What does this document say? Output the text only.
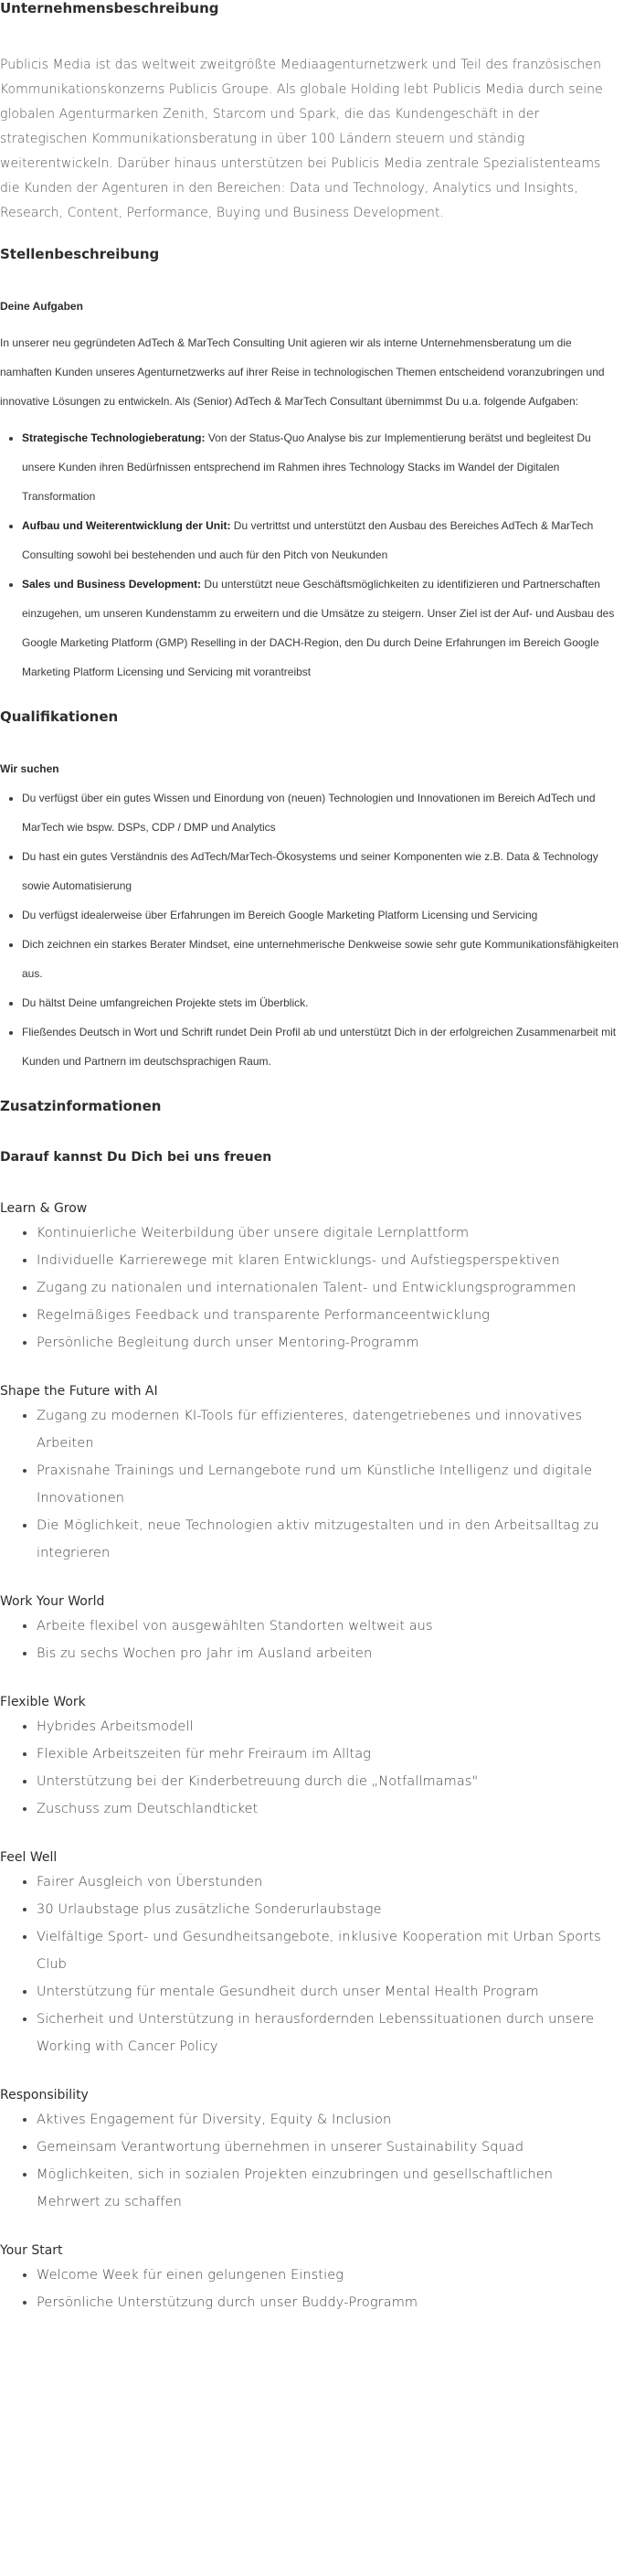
Unternehmensbeschreibung

Publicis Media ist das weltweit zweitgrößte Mediaagenturnetzwerk und Teil des französischen Kommunikationskonzerns Publicis Groupe. Als globale Holding lebt Publicis Media durch seine globalen Agenturmarken Zenith, Starcom und Spark, die das Kundengeschäft in der strategischen Kommunikationsberatung in über 100 Ländern steuern und ständig weiterentwickeln. Darüber hinaus unterstützen bei Publicis Media zentrale Spezialistenteams die Kunden der Agenturen in den Bereichen: Data und Technology, Analytics und Insights, Research, Content, Performance, Buying und Business Development.

Stellenbeschreibung
Deine Aufgaben

In unserer neu gegründeten AdTech & MarTech Consulting Unit agieren wir als interne Unternehmensberatung um die namhaften Kunden unseres Agenturnetzwerks auf ihrer Reise in technologischen Themen entscheidend voranzubringen und innovative Lösungen zu entwickeln. Als (Senior) AdTech & MarTech Consultant übernimmst Du u.a. folgende Aufgaben:

• Strategische Technologieberatung: Von der Status-Quo Analyse bis zur Implementierung berätst und begleitest Du unsere Kunden ihren Bedürfnissen entsprechend im Rahmen ihres Technology Stacks im Wandel der Digitalen Transformation
• Aufbau und Weiterentwicklung der Unit: Du vertrittst und unterstützt den Ausbau des Bereiches AdTech & MarTech Consulting sowohl bei bestehenden und auch für den Pitch von Neukunden
• Sales und Business Development: Du unterstützt neue Geschäftsmöglichkeiten zu identifizieren und Partnerschaften einzugehen, um unseren Kundenstamm zu erweitern und die Umsätze zu steigern. Unser Ziel ist der Auf- und Ausbau des Google Marketing Platform (GMP) Reselling in der DACH-Region, den Du durch Deine Erfahrungen im Bereich Google Marketing Platform Licensing und Servicing mit vorantreibst
Qualifikationen
Wir suchen
• Du verfügst über ein gutes Wissen und Einordung von (neuen) Technologien und Innovationen im Bereich AdTech und MarTech wie bspw. DSPs, CDP / DMP und Analytics
• Du hast ein gutes Verständnis des AdTech/MarTech-Ökosystems und seiner Komponenten wie z.B. Data & Technology sowie Automatisierung
• Du verfügst idealerweise über Erfahrungen im Bereich Google Marketing Platform Licensing und Servicing
• Dich zeichnen ein starkes Berater Mindset, eine unternehmerische Denkweise sowie sehr gute Kommunikationsfähigkeiten aus.
• Du hältst Deine umfangreichen Projekte stets im Überblick.
• Fließendes Deutsch in Wort und Schrift rundet Dein Profil ab und unterstützt Dich in der erfolgreichen Zusammenarbeit mit Kunden und Partnern im deutschsprachigen Raum.
Zusatzinformationen
Darauf kannst Du Dich bei uns freuen
Learn & Grow
• Kontinuierliche Weiterbildung über unsere digitale Lernplattform
• Individuelle Karrierewege mit klaren Entwicklungs- und Aufstiegsperspektiven
• Zugang zu nationalen und internationalen Talent- und Entwicklungsprogrammen
• Regelmäßiges Feedback und transparente Performanceentwicklung
• Persönliche Begleitung durch unser Mentoring-Programm
Shape the Future with AI
• Zugang zu modernen KI-Tools für effizienteres, datengetriebenes und innovatives Arbeiten
• Praxisnahe Trainings und Lernangebote rund um Künstliche Intelligenz und digitale Innovationen
• Die Möglichkeit, neue Technologien aktiv mitzugestalten und in den Arbeitsalltag zu integrieren
Work Your World
• Arbeite flexibel von ausgewählten Standorten weltweit aus
• Bis zu sechs Wochen pro Jahr im Ausland arbeiten
Flexible Work
• Hybrides Arbeitsmodell
• Flexible Arbeitszeiten für mehr Freiraum im Alltag
• Unterstützung bei der Kinderbetreuung durch die „Notfallmamas"
• Zuschuss zum Deutschlandticket
Feel Well
• Fairer Ausgleich von Überstunden
• 30 Urlaubstage plus zusätzliche Sonderurlaubstage
• Vielfältige Sport- und Gesundheitsangebote, inklusive Kooperation mit Urban Sports Club
• Unterstützung für mentale Gesundheit durch unser Mental Health Program
• Sicherheit und Unterstützung in herausfordernden Lebenssituationen durch unsere Working with Cancer Policy
Responsibility
• Aktives Engagement für Diversity, Equity & Inclusion
• Gemeinsam Verantwortung übernehmen in unserer Sustainability Squad
• Möglichkeiten, sich in sozialen Projekten einzubringen und gesellschaftlichen Mehrwert zu schaffen
Your Start
• Welcome Week für einen gelungenen Einstieg
• Persönliche Unterstützung durch unser Buddy-Programm
